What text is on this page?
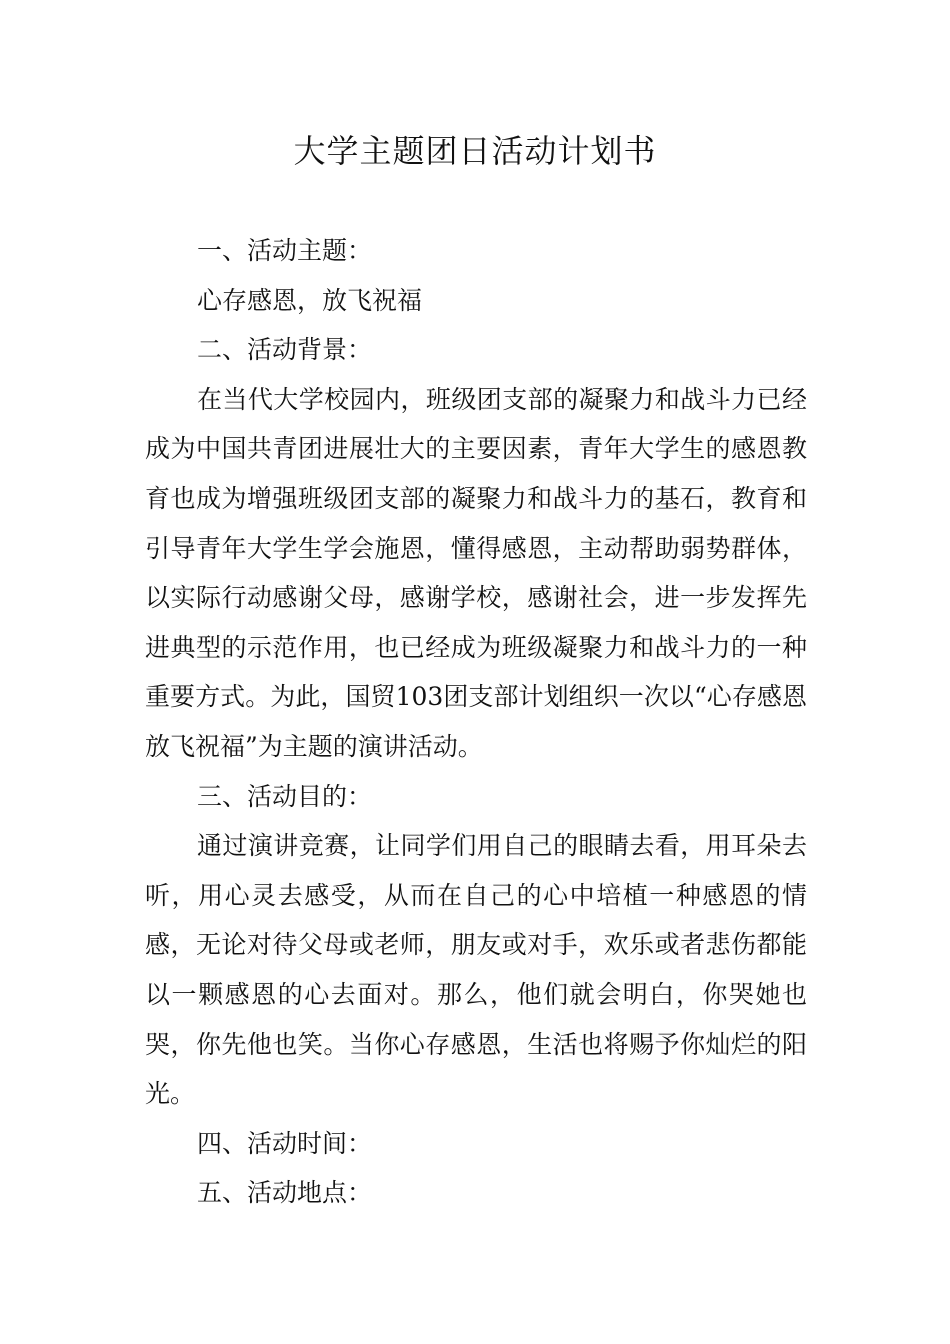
大学主题团日活动计划书

一、活动主题：

心存感恩，放飞祝福

二、活动背景：

在当代大学校园内，班级团支部的凝聚力和战斗力已经成为中国共青团进展壮大的主要因素，青年大学生的感恩教育也成为增强班级团支部的凝聚力和战斗力的基石，教育和引导青年大学生学会施恩，懂得感恩，主动帮助弱势群体，以实际行动感谢父母，感谢学校，感谢社会，进一步发挥先进典型的示范作用，也已经成为班级凝聚力和战斗力的一种重要方式。为此，国贸103团支部计划组织一次以“心存感恩放飞祝福”为主题的演讲活动。

三、活动目的：

通过演讲竞赛，让同学们用自己的眼睛去看，用耳朵去听，用心灵去感受，从而在自己的心中培植一种感恩的情感，无论对待父母或老师，朋友或对手，欢乐或者悲伤都能以一颗感恩的心去面对。那么，他们就会明白，你哭她也哭，你先他也笑。当你心存感恩，生活也将赐予你灿烂的阳光。

四、活动时间：

五、活动地点：
